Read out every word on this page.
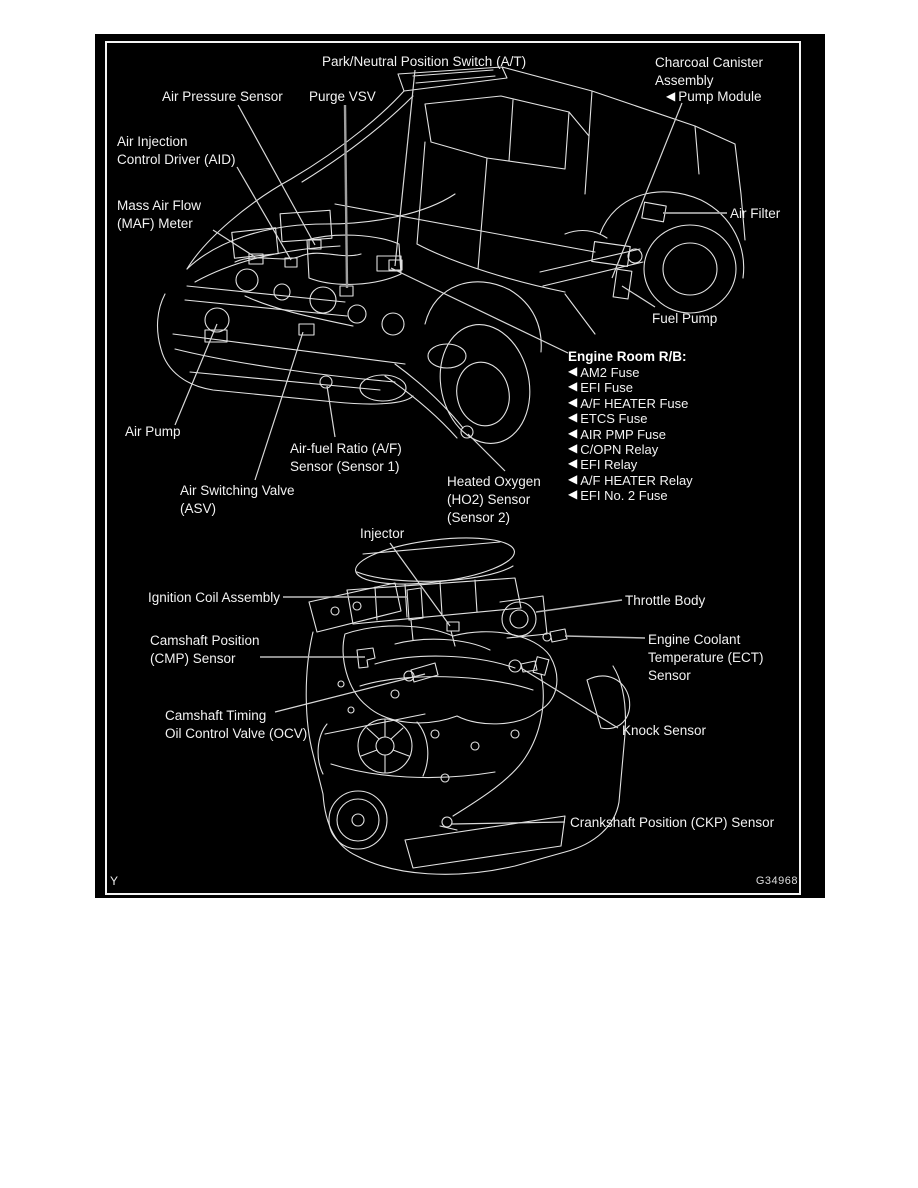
Park/Neutral Position Switch (A/T)
Air Pressure Sensor Purge VSV
Charcoal Canister
Assembly
◀ Pump Module
Air Injection
Control Driver (AID)
Mass Air Flow
(MAF) Meter
Air Filter
Fuel Pump
Engine Room R/B:
◀ AM2 Fuse
◀ EFI Fuse
◀ A/F HEATER Fuse
◀ ETCS Fuse
◀ AIR PMP Fuse
◀ C/OPN Relay
◀ EFI Relay
◀ A/F HEATER Relay
◀ EFI No. 2 Fuse
Air Pump
Air-fuel Ratio (A/F)
Sensor (Sensor 1)
Air Switching Valve
(ASV)
Heated Oxygen
(HO2) Sensor
(Sensor 2)
Injector
Ignition Coil Assembly	Throttle Body
Camshaft Position
(CMP) Sensor
Engine Coolant
Temperature (ECT)
Sensor
Camshaft Timing
Oil Control Valve (OCV)	Knock Sensor
Crankshaft Position (CKP) Sensor
Y	G34968
